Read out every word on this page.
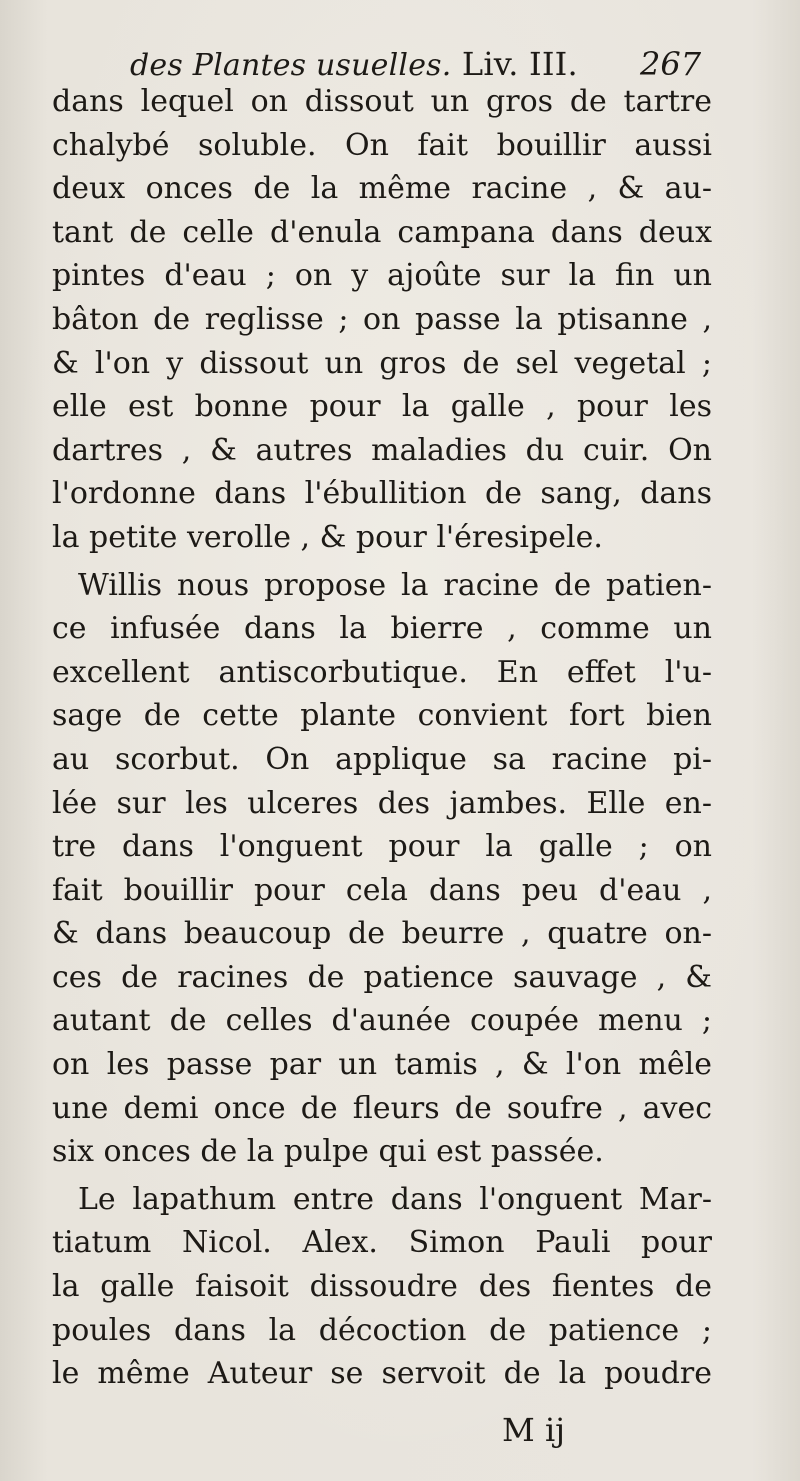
des Plantes usuelles. Liv. III. 267
dans lequel on dissout un gros de tartre
chalybé soluble. On fait bouillir aussi
deux onces de la même racine , & au-
tant de celle d'enula campana dans deux
pintes d'eau ; on y ajoûte sur la fin un
bâton de reglisse ; on passe la ptisanne ,
& l'on y dissout un gros de sel vegetal ;
elle est bonne pour la galle , pour les
dartres , & autres maladies du cuir. On
l'ordonne dans l'ébullition de sang, dans
la petite verolle , & pour l'éresipele.
Willis nous propose la racine de patien-
ce infusée dans la bierre , comme un
excellent antiscorbutique. En effet l'u-
sage de cette plante convient fort bien
au scorbut. On applique sa racine pi-
lée sur les ulceres des jambes. Elle en-
tre dans l'onguent pour la galle ; on
fait bouillir pour cela dans peu d'eau ,
& dans beaucoup de beurre , quatre on-
ces de racines de patience sauvage , &
autant de celles d'aunée coupée menu ;
on les passe par un tamis , & l'on mêle
une demi once de fleurs de soufre , avec
six onces de la pulpe qui est passée.
Le lapathum entre dans l'onguent Mar-
tiatum Nicol. Alex. Simon Pauli pour
la galle faisoit dissoudre des fientes de
poules dans la décoction de patience ;
le même Auteur se servoit de la poudre
M ij
